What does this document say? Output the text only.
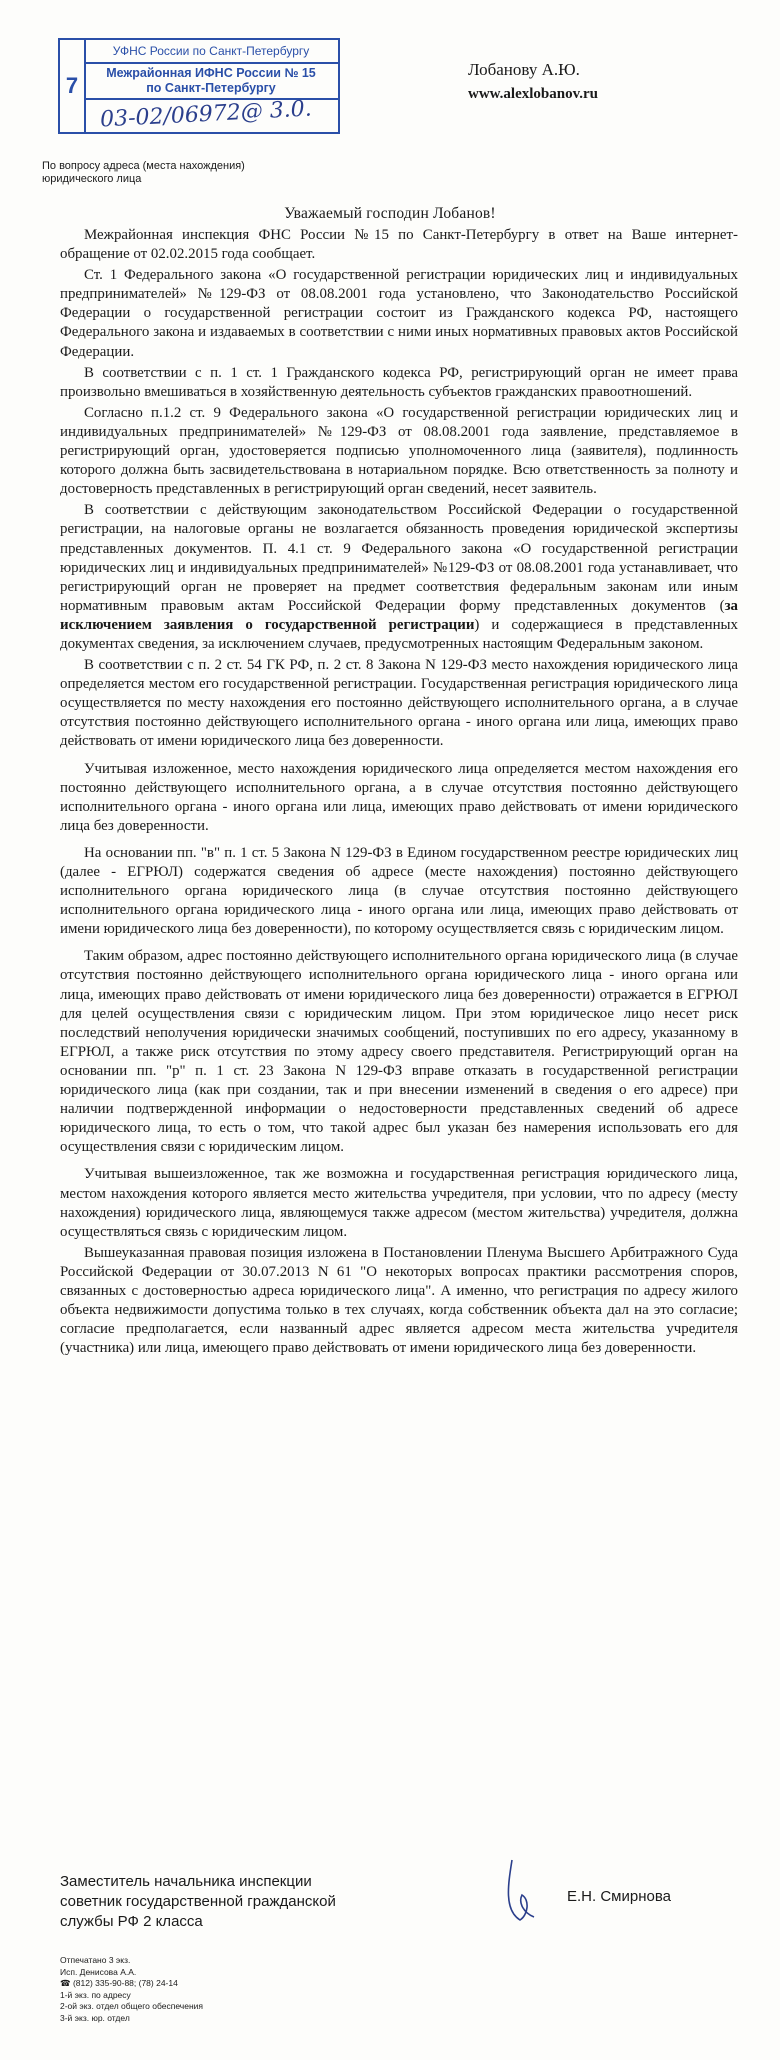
7
УФНС России по Санкт-Петербургу
Межрайонная ИФНС России № 15
по Санкт-Петербургу
03-02/06972@ 3.0.
Лобанову А.Ю.
www.alexlobanov.ru
По вопросу адреса (места нахождения) юридического лица
Уважаемый господин Лобанов!

Межрайонная инспекция ФНС России №15 по Санкт-Петербургу в ответ на Ваше интернет-обращение от 02.02.2015 года сообщает.

Ст. 1 Федерального закона «О государственной регистрации юридических лиц и индивидуальных предпринимателей» №129-ФЗ от 08.08.2001 года установлено, что Законодательство Российской Федерации о государственной регистрации состоит из Гражданского кодекса РФ, настоящего Федерального закона и издаваемых в соответствии с ними иных нормативных правовых актов Российской Федерации.

В соответствии с п. 1 ст. 1 Гражданского кодекса РФ, регистрирующий орган не имеет права произвольно вмешиваться в хозяйственную деятельность субъектов гражданских правоотношений.

Согласно п.1.2 ст. 9 Федерального закона «О государственной регистрации юридических лиц и индивидуальных предпринимателей» №129-ФЗ от 08.08.2001 года заявление, представляемое в регистрирующий орган, удостоверяется подписью уполномоченного лица (заявителя), подлинность которого должна быть засвидетельствована в нотариальном порядке. Всю ответственность за полноту и достоверность представленных в регистрирующий орган сведений, несет заявитель.

В соответствии с действующим законодательством Российской Федерации о государственной регистрации, на налоговые органы не возлагается обязанность проведения юридической экспертизы представленных документов. П. 4.1 ст. 9 Федерального закона «О государственной регистрации юридических лиц и индивидуальных предпринимателей» №129-ФЗ от 08.08.2001 года устанавливает, что регистрирующий орган не проверяет на предмет соответствия федеральным законам или иным нормативным правовым актам Российской Федерации форму представленных документов (за исключением заявления о государственной регистрации) и содержащиеся в представленных документах сведения, за исключением случаев, предусмотренных настоящим Федеральным законом.

В соответствии с п. 2 ст. 54 ГК РФ, п. 2 ст. 8 Закона N 129-ФЗ место нахождения юридического лица определяется местом его государственной регистрации. Государственная регистрация юридического лица осуществляется по месту нахождения его постоянно действующего исполнительного органа, а в случае отсутствия постоянно действующего исполнительного органа - иного органа или лица, имеющих право действовать от имени юридического лица без доверенности.

Учитывая изложенное, место нахождения юридического лица определяется местом нахождения его постоянно действующего исполнительного органа, а в случае отсутствия постоянно действующего исполнительного органа - иного органа или лица, имеющих право действовать от имени юридического лица без доверенности.

На основании пп. "в" п. 1 ст. 5 Закона N 129-ФЗ в Едином государственном реестре юридических лиц (далее - ЕГРЮЛ) содержатся сведения об адресе (месте нахождения) постоянно действующего исполнительного органа юридического лица (в случае отсутствия постоянно действующего исполнительного органа юридического лица - иного органа или лица, имеющих право действовать от имени юридического лица без доверенности), по которому осуществляется связь с юридическим лицом.

Таким образом, адрес постоянно действующего исполнительного органа юридического лица (в случае отсутствия постоянно действующего исполнительного органа юридического лица - иного органа или лица, имеющих право действовать от имени юридического лица без доверенности) отражается в ЕГРЮЛ для целей осуществления связи с юридическим лицом. При этом юридическое лицо несет риск последствий неполучения юридически значимых сообщений, поступивших по его адресу, указанному в ЕГРЮЛ, а также риск отсутствия по этому адресу своего представителя. Регистрирующий орган на основании пп. "р" п. 1 ст. 23 Закона N 129-ФЗ вправе отказать в государственной регистрации юридического лица (как при создании, так и при внесении изменений в сведения о его адресе) при наличии подтвержденной информации о недостоверности представленных сведений об адресе юридического лица, то есть о том, что такой адрес был указан без намерения использовать его для осуществления связи с юридическим лицом.

Учитывая вышеизложенное, так же возможна и государственная регистрация юридического лица, местом нахождения которого является место жительства учредителя, при условии, что по адресу (месту нахождения) юридического лица, являющемуся также адресом (местом жительства) учредителя, должна осуществляться связь с юридическим лицом.

Вышеуказанная правовая позиция изложена в Постановлении Пленума Высшего Арбитражного Суда Российской Федерации от 30.07.2013 N 61 "О некоторых вопросах практики рассмотрения споров, связанных с достоверностью адреса юридического лица". А именно, что регистрация по адресу жилого объекта недвижимости допустима только в тех случаях, когда собственник объекта дал на это согласие; согласие предполагается, если названный адрес является адресом места жительства учредителя (участника) или лица, имеющего право действовать от имени юридического лица без доверенности.

Заместитель начальника инспекции
советник государственной гражданской
службы РФ 2 класса
Е.Н. Смирнова
Отпечатано 3 экз.
Исп. Денисова А.А.
☎ (812) 335-90-88; (78) 24-14
1-й экз. по адресу
2-ой экз. отдел общего обеспечения
3-й экз. юр. отдел
